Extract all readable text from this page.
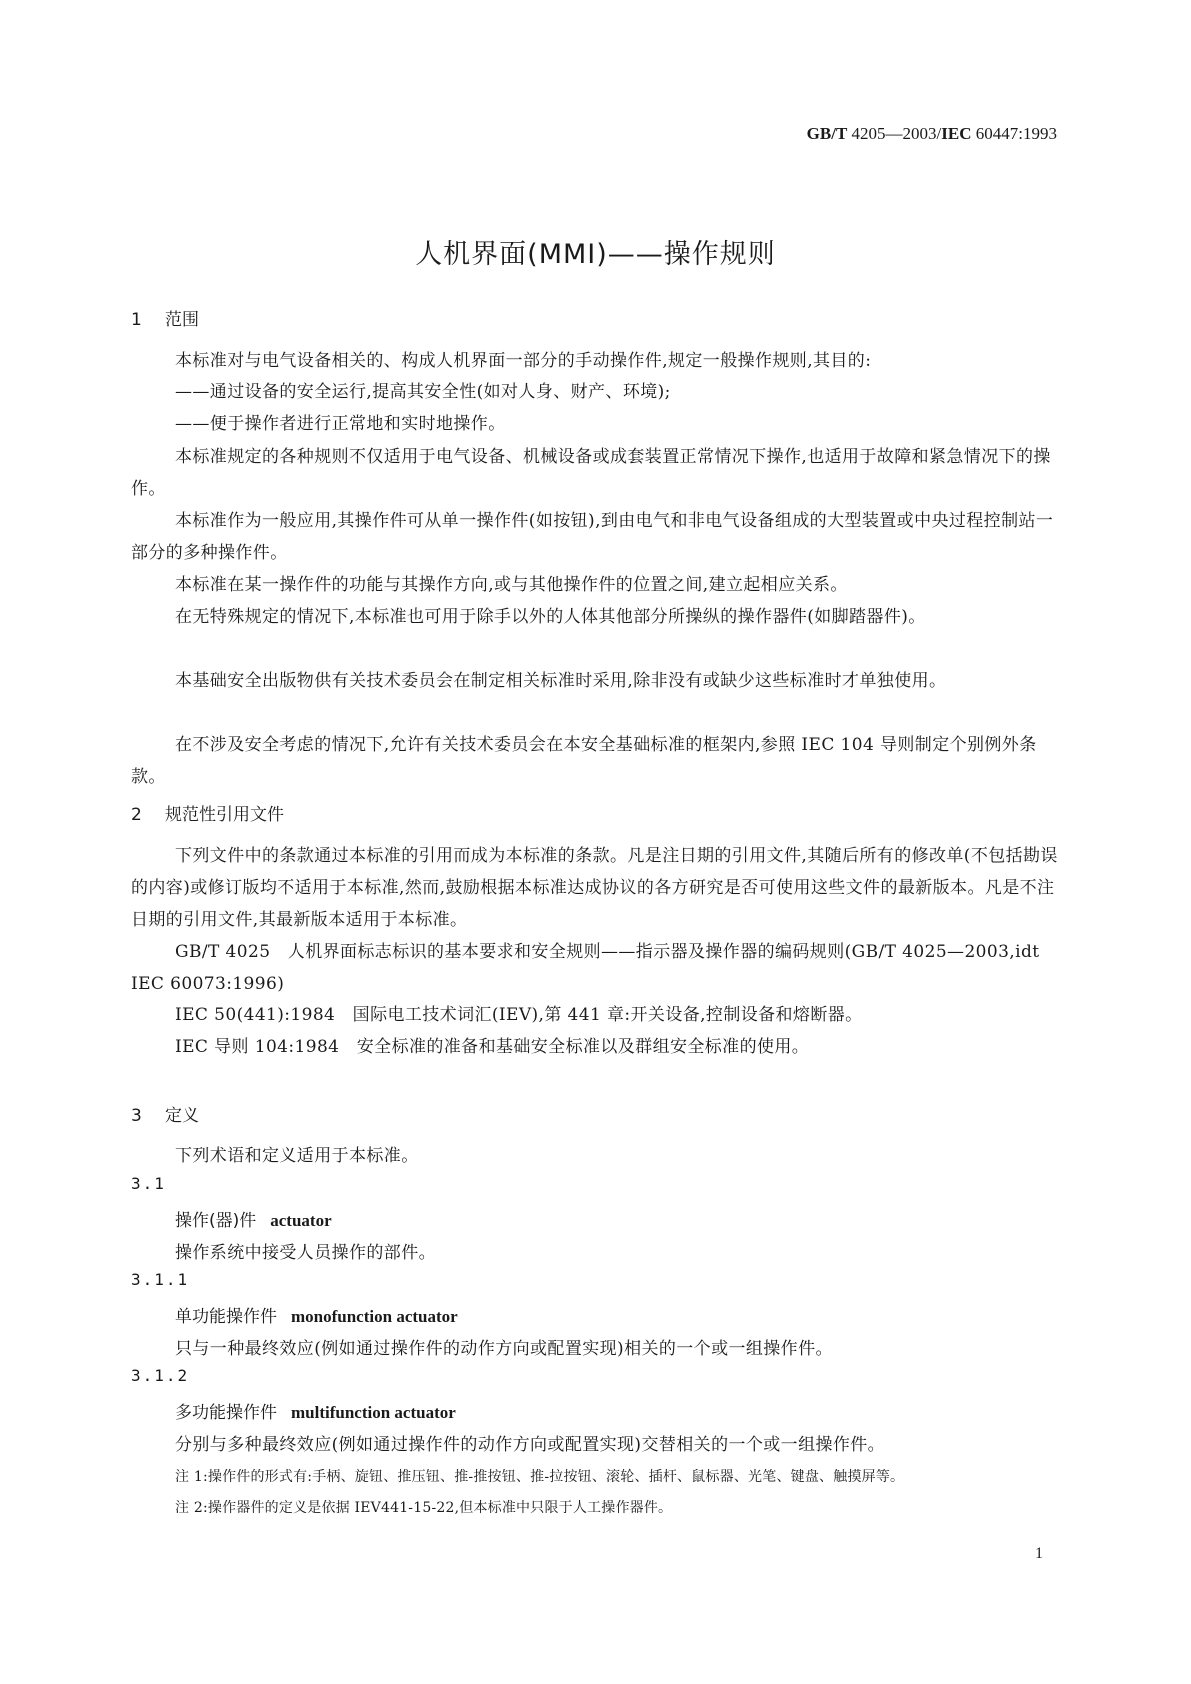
GB/T 4205—2003/IEC 60447:1993
人机界面(MMI)——操作规则
1 范围
本标准对与电气设备相关的、构成人机界面一部分的手动操作件,规定一般操作规则,其目的:
——通过设备的安全运行,提高其安全性(如对人身、财产、环境);
——便于操作者进行正常地和实时地操作。
本标准规定的各种规则不仅适用于电气设备、机械设备或成套装置正常情况下操作,也适用于故障和紧急情况下的操作。
本标准作为一般应用,其操作件可从单一操作件(如按钮),到由电气和非电气设备组成的大型装置或中央过程控制站一部分的多种操作件。
本标准在某一操作件的功能与其操作方向,或与其他操作件的位置之间,建立起相应关系。
在无特殊规定的情况下,本标准也可用于除手以外的人体其他部分所操纵的操作器件(如脚踏器件)。
本基础安全出版物供有关技术委员会在制定相关标准时采用,除非没有或缺少这些标准时才单独使用。
在不涉及安全考虑的情况下,允许有关技术委员会在本安全基础标准的框架内,参照 IEC 104 导则制定个别例外条款。
2 规范性引用文件
下列文件中的条款通过本标准的引用而成为本标准的条款。凡是注日期的引用文件,其随后所有的修改单(不包括勘误的内容)或修订版均不适用于本标准,然而,鼓励根据本标准达成协议的各方研究是否可使用这些文件的最新版本。凡是不注日期的引用文件,其最新版本适用于本标准。
GB/T 4025　人机界面标志标识的基本要求和安全规则——指示器及操作器的编码规则(GB/T 4025—2003,idt IEC 60073:1996)
IEC 50(441):1984　国际电工技术词汇(IEV),第 441 章:开关设备,控制设备和熔断器。
IEC 导则 104:1984　安全标准的准备和基础安全标准以及群组安全标准的使用。
3 定义
下列术语和定义适用于本标准。
3.1
操作(器)件 actuator
操作系统中接受人员操作的部件。
3.1.1
单功能操作件 monofunction actuator
只与一种最终效应(例如通过操作件的动作方向或配置实现)相关的一个或一组操作件。
3.1.2
多功能操作件 multifunction actuator
分别与多种最终效应(例如通过操作件的动作方向或配置实现)交替相关的一个或一组操作件。
注 1:操作件的形式有:手柄、旋钮、推压钮、推-推按钮、推-拉按钮、滚轮、插杆、鼠标器、光笔、键盘、触摸屏等。
注 2:操作器件的定义是依据 IEV441-15-22,但本标准中只限于人工操作器件。
1
